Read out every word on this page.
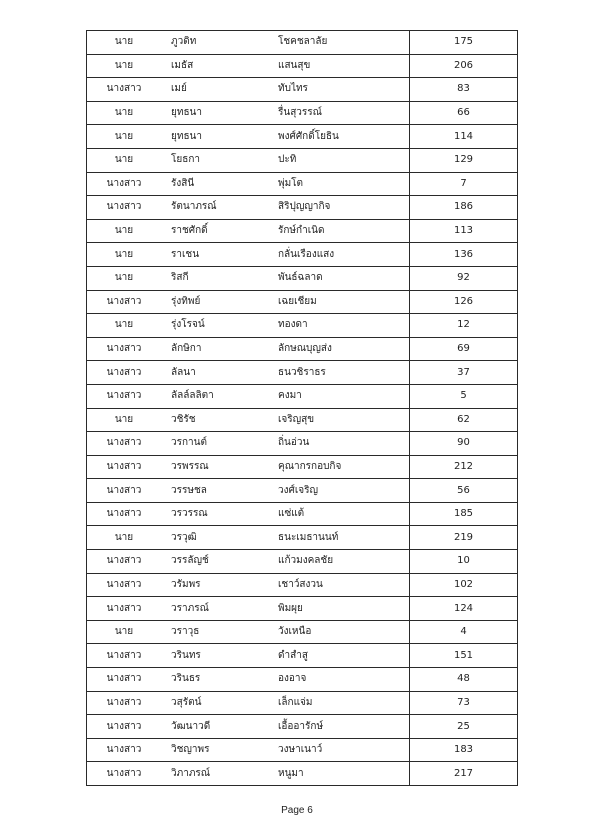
นาย	ภูวดิท	โชคชลาลัย	175
นาย	เมธัส	แสนสุข	206
นางสาว	เมย์	ทับไทร	83
นาย	ยุทธนา	รื่นสุวรรณ์	66
นาย	ยุทธนา	พงศ์ศักดิ์โยธิน	114
นาย	โยธกา	ปะทิ	129
นางสาว	รังสินี	พุ่มโต	7
นางสาว	รัตนาภรณ์	สิริปุญญากิจ	186
นาย	ราชศักดิ์	รักษ์กำเนิด	113
นาย	ราเชน	กลั่นเรืองแสง	136
นาย	ริสกี	พันธ์ฉลาด	92
นางสาว	รุ่งทิพย์	เฉยเชียม	126
นาย	รุ่งโรจน์	ทองดา	12
นางสาว	ลักษิกา	ลักษณบุญส่ง	69
นางสาว	ลัลนา	ธนวชิราธร	37
นางสาว	ลัลล์ลลิตา	คงมา	5
นาย	วชิรัช	เจริญสุข	62
นางสาว	วรกานต์	ถิ่นอ่วน	90
นางสาว	วรพรรณ	คุณากรกอบกิจ	212
นางสาว	วรรษชล	วงศ์เจริญ	56
นางสาว	วรวรรณ	แซ่แต้	185
นาย	วรวุฒิ	ธนะเมธานนท์	219
นางสาว	วรรลัญช์	แก้วมงคลชัย	10
นางสาว	วรัมพร	เชาว์สงวน	102
นางสาว	วราภรณ์	พิมผุย	124
นาย	วราวุธ	วังเหนือ	4
นางสาว	วรินทร	ดำสำสู	151
นางสาว	วรินธร	องอาจ	48
นางสาว	วสุรัตน์	เล็กแจ่ม	73
นางสาว	วัฒนาวดี	เอื้ออารักษ์	25
นางสาว	วิชญาพร	วงษาเนาว์	183
นางสาว	วิภาภรณ์	หนูมา	217
Page 6
